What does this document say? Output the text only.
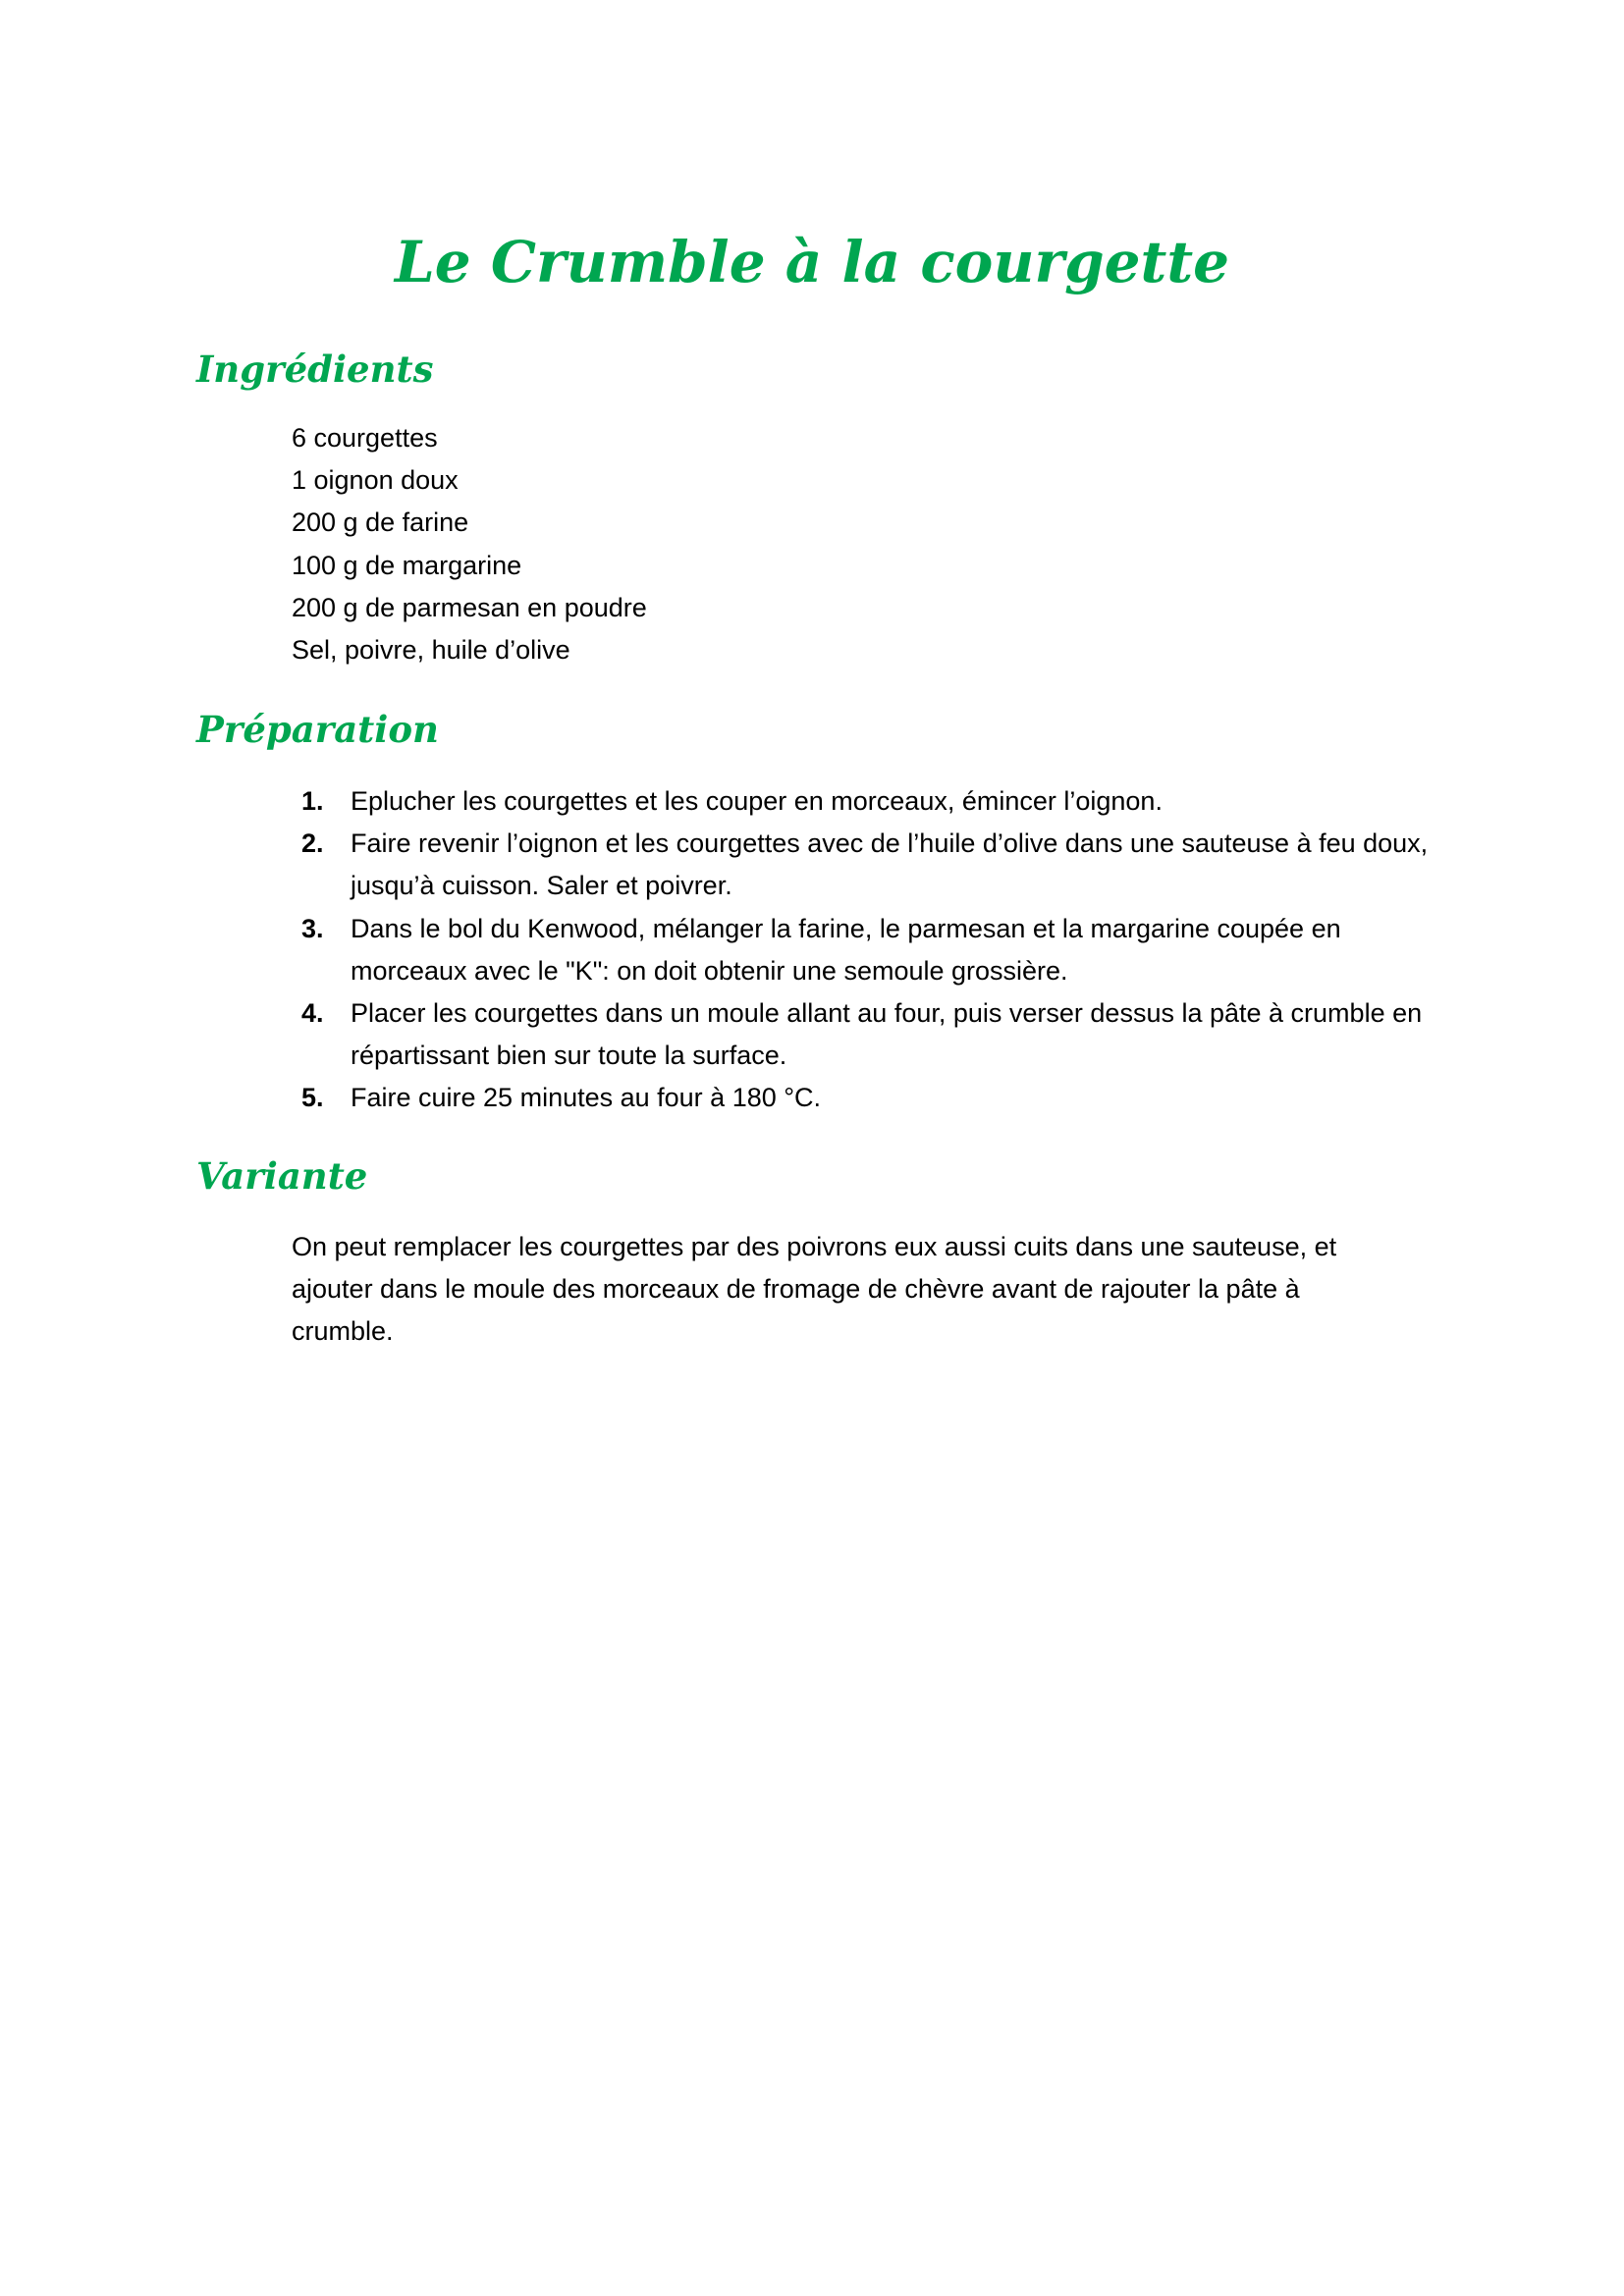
Le Crumble à la courgette
Ingrédients
6 courgettes
1 oignon doux
200 g de farine
100 g de margarine
200 g de parmesan en poudre
Sel, poivre, huile d’olive
Préparation
1. Eplucher les courgettes et les couper en morceaux, émincer l’oignon.
2. Faire revenir l’oignon et les courgettes avec de l’huile d’olive dans une sauteuse à feu doux, jusqu’à cuisson. Saler et poivrer.
3. Dans le bol du Kenwood, mélanger la farine, le parmesan et la margarine coupée en morceaux avec le "K": on doit obtenir une semoule grossière.
4. Placer les courgettes dans un moule allant au four, puis verser dessus la pâte à crumble en répartissant bien sur toute la surface.
5. Faire cuire 25 minutes au four à 180 °C.
Variante

On peut remplacer les courgettes par des poivrons eux aussi cuits dans une sauteuse, et ajouter dans le moule des morceaux de fromage de chèvre avant de rajouter la pâte à crumble.
